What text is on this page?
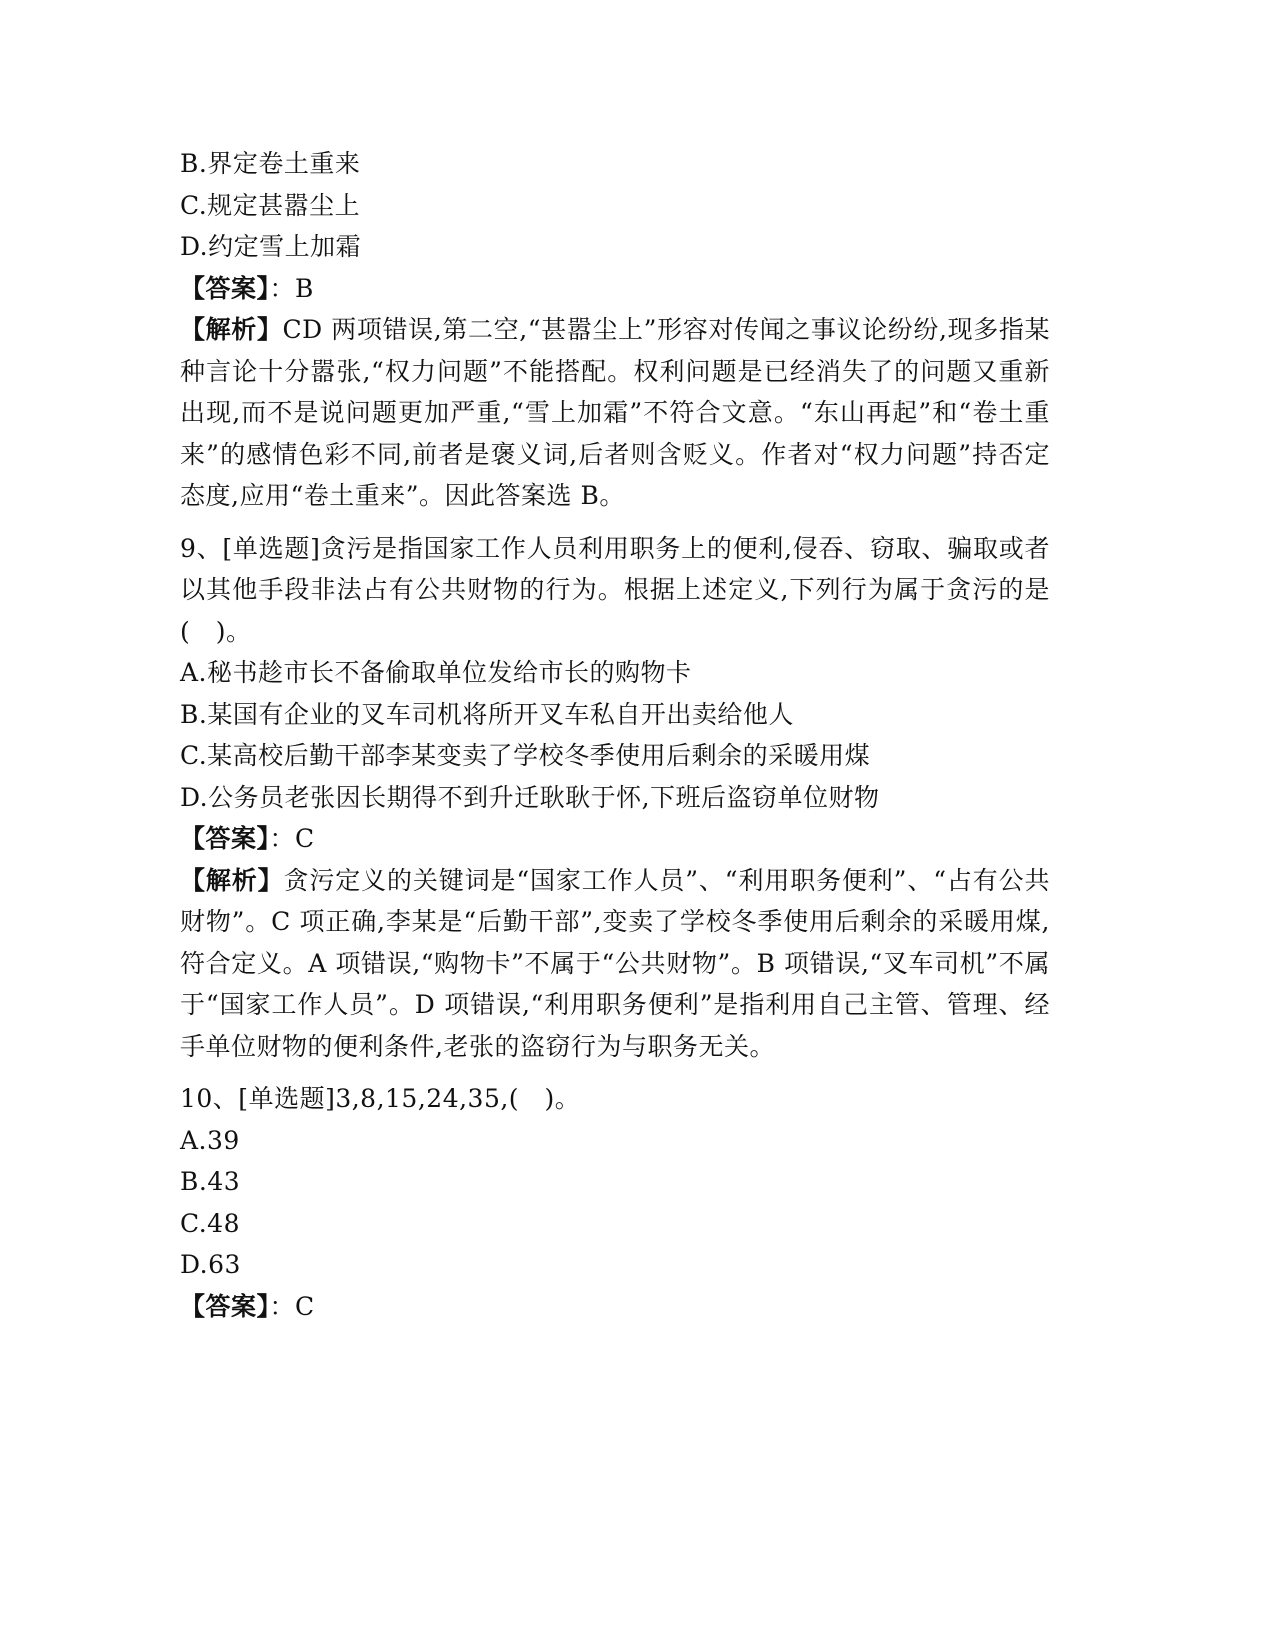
B.界定卷土重来
C.规定甚嚣尘上
D.约定雪上加霜
【答案】：B
【解析】CD 两项错误,第二空,“甚嚣尘上”形容对传闻之事议论纷纷,现多指某种言论十分嚣张,“权力问题”不能搭配。权利问题是已经消失了的问题又重新出现,而不是说问题更加严重,“雪上加霜”不符合文意。“东山再起”和“卷土重来”的感情色彩不同,前者是褒义词,后者则含贬义。作者对“权力问题”持否定态度,应用“卷土重来”。因此答案选 B。
9、[单选题]贪污是指国家工作人员利用职务上的便利,侵吞、窃取、骗取或者以其他手段非法占有公共财物的行为。根据上述定义,下列行为属于贪污的是(　)。
A.秘书趁市长不备偷取单位发给市长的购物卡
B.某国有企业的叉车司机将所开叉车私自开出卖给他人
C.某高校后勤干部李某变卖了学校冬季使用后剩余的采暖用煤
D.公务员老张因长期得不到升迁耿耿于怀,下班后盗窃单位财物
【答案】：C
【解析】贪污定义的关键词是“国家工作人员”、“利用职务便利”、“占有公共财物”。C 项正确,李某是“后勤干部”,变卖了学校冬季使用后剩余的采暖用煤,符合定义。A 项错误,“购物卡”不属于“公共财物”。B 项错误,“叉车司机”不属于“国家工作人员”。D 项错误,“利用职务便利”是指利用自己主管、管理、经手单位财物的便利条件,老张的盗窃行为与职务无关。
10、[单选题]3,8,15,24,35,(　)。
A.39
B.43
C.48
D.63
【答案】：C
